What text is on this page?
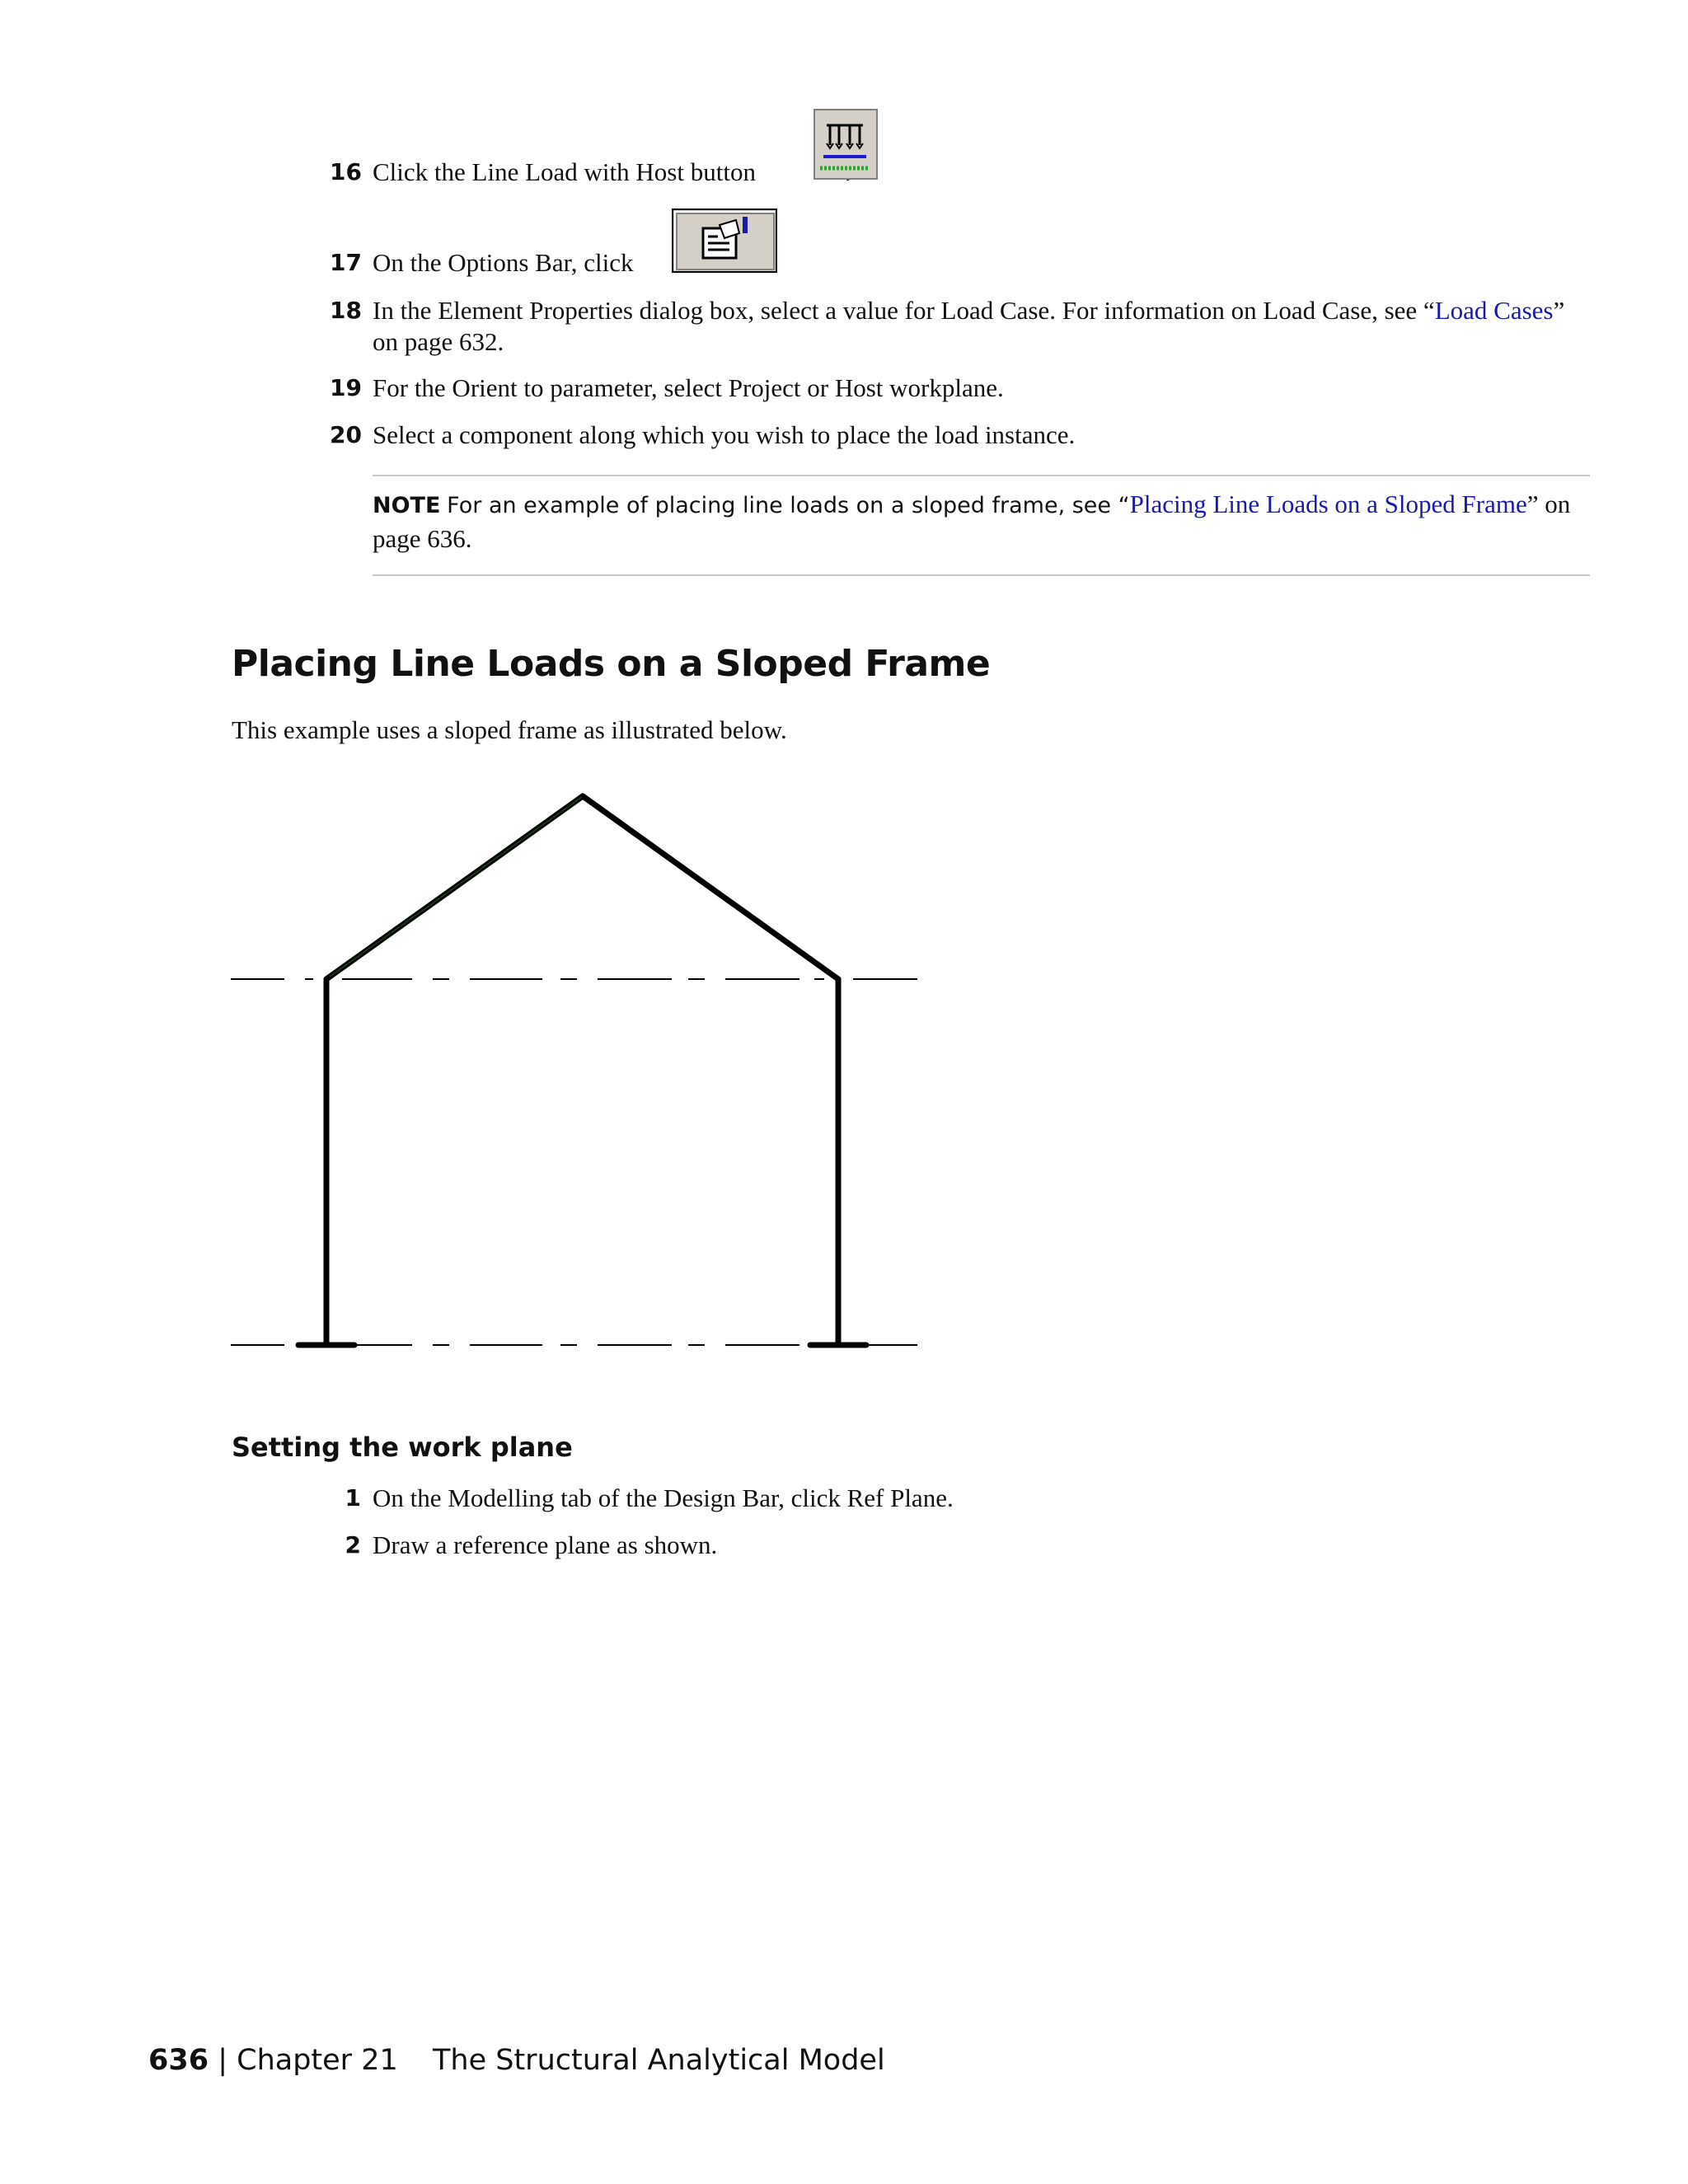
16 Click the Line Load with Host button
17 On the Options Bar, click
18 In the Element Properties dialog box, select a value for Load Case. For information on Load Case, see “Load Cases” on page 632.
19 For the Orient to parameter, select Project or Host workplane.
20 Select a component along which you wish to place the load instance.
NOTE For an example of placing line loads on a sloped frame, see “Placing Line Loads on a Sloped Frame” on page 636.
Placing Line Loads on a Sloped Frame
This example uses a sloped frame as illustrated below.
Setting the work plane
1 On the Modelling tab of the Design Bar, click Ref Plane.
2 Draw a reference plane as shown.
636 | Chapter 21 The Structural Analytical Model
